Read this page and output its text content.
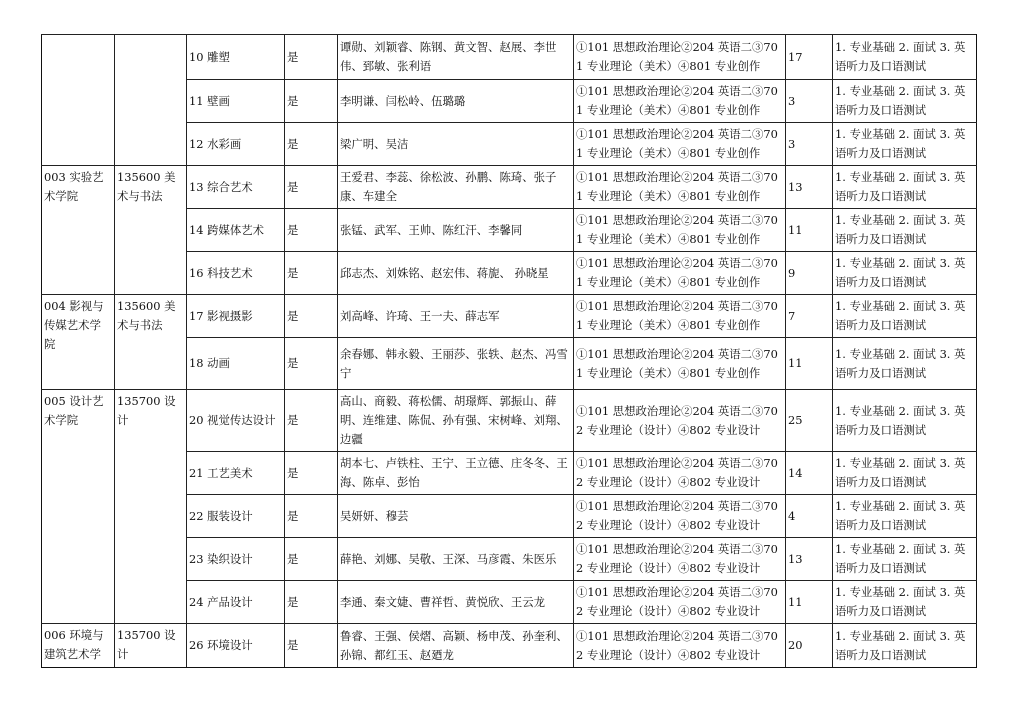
		10 雕塑	是	谭勋、刘颖睿、陈钢、黄文智、赵展、李世伟、郅敏、张利语	①101 思想政治理论②204 英语二③701 专业理论（美术）④801 专业创作	17	1. 专业基础 2. 面试 3. 英语听力及口语测试
		11 壁画	是	李明谦、闫松岭、伍璐璐	①101 思想政治理论②204 英语二③701 专业理论（美术）④801 专业创作	3	1. 专业基础 2. 面试 3. 英语听力及口语测试
		12 水彩画	是	梁广明、吴洁	①101 思想政治理论②204 英语二③701 专业理论（美术）④801 专业创作	3	1. 专业基础 2. 面试 3. 英语听力及口语测试
003 实验艺术学院	135600 美术与书法	13 综合艺术	是	王爱君、李蕊、徐松波、孙鹏、陈琦、张子康、车建全	①101 思想政治理论②204 英语二③701 专业理论（美术）④801 专业创作	13	1. 专业基础 2. 面试 3. 英语听力及口语测试
		14 跨媒体艺术	是	张锰、武军、王帅、陈红汗、李馨同	①101 思想政治理论②204 英语二③701 专业理论（美术）④801 专业创作	11	1. 专业基础 2. 面试 3. 英语听力及口语测试
		16 科技艺术	是	邱志杰、刘姝铭、赵宏伟、蒋旎、 孙晓星	①101 思想政治理论②204 英语二③701 专业理论（美术）④801 专业创作	9	1. 专业基础 2. 面试 3. 英语听力及口语测试
004 影视与传媒艺术学院	135600 美术与书法	17 影视摄影	是	刘高峰、许琦、王一夫、薛志军	①101 思想政治理论②204 英语二③701 专业理论（美术）④801 专业创作	7	1. 专业基础 2. 面试 3. 英语听力及口语测试
		18 动画	是	余春娜、韩永毅、王丽莎、张轶、赵杰、冯雪宁	①101 思想政治理论②204 英语二③701 专业理论（美术）④801 专业创作	11	1. 专业基础 2. 面试 3. 英语听力及口语测试
005 设计艺术学院	135700 设计	20 视觉传达设计	是	高山、商毅、蒋松儒、胡璟辉、郭振山、薛明、连维建、陈侃、孙有强、宋树峰、刘翔、边疆	①101 思想政治理论②204 英语二③702 专业理论（设计）④802 专业设计	25	1. 专业基础 2. 面试 3. 英语听力及口语测试
		21 工艺美术	是	胡本七、卢铁柱、王宁、王立德、庄冬冬、王海、陈卓、彭怡	①101 思想政治理论②204 英语二③702 专业理论（设计）④802 专业设计	14	1. 专业基础 2. 面试 3. 英语听力及口语测试
		22 服装设计	是	吴妍妍、穆芸	①101 思想政治理论②204 英语二③702 专业理论（设计）④802 专业设计	4	1. 专业基础 2. 面试 3. 英语听力及口语测试
		23 染织设计	是	薛艳、刘娜、吴敬、王深、马彦霞、朱医乐	①101 思想政治理论②204 英语二③702 专业理论（设计）④802 专业设计	13	1. 专业基础 2. 面试 3. 英语听力及口语测试
		24 产品设计	是	李通、秦文婕、曹祥哲、黄悦欣、王云龙	①101 思想政治理论②204 英语二③702 专业理论（设计）④802 专业设计	11	1. 专业基础 2. 面试 3. 英语听力及口语测试
006 环境与建筑艺术学	135700 设计	26 环境设计	是	鲁睿、王强、侯熠、高颖、杨申茂、孙奎利、孙锦、都红玉、赵廼龙	①101 思想政治理论②204 英语二③702 专业理论（设计）④802 专业设计	20	1. 专业基础 2. 面试 3. 英语听力及口语测试
